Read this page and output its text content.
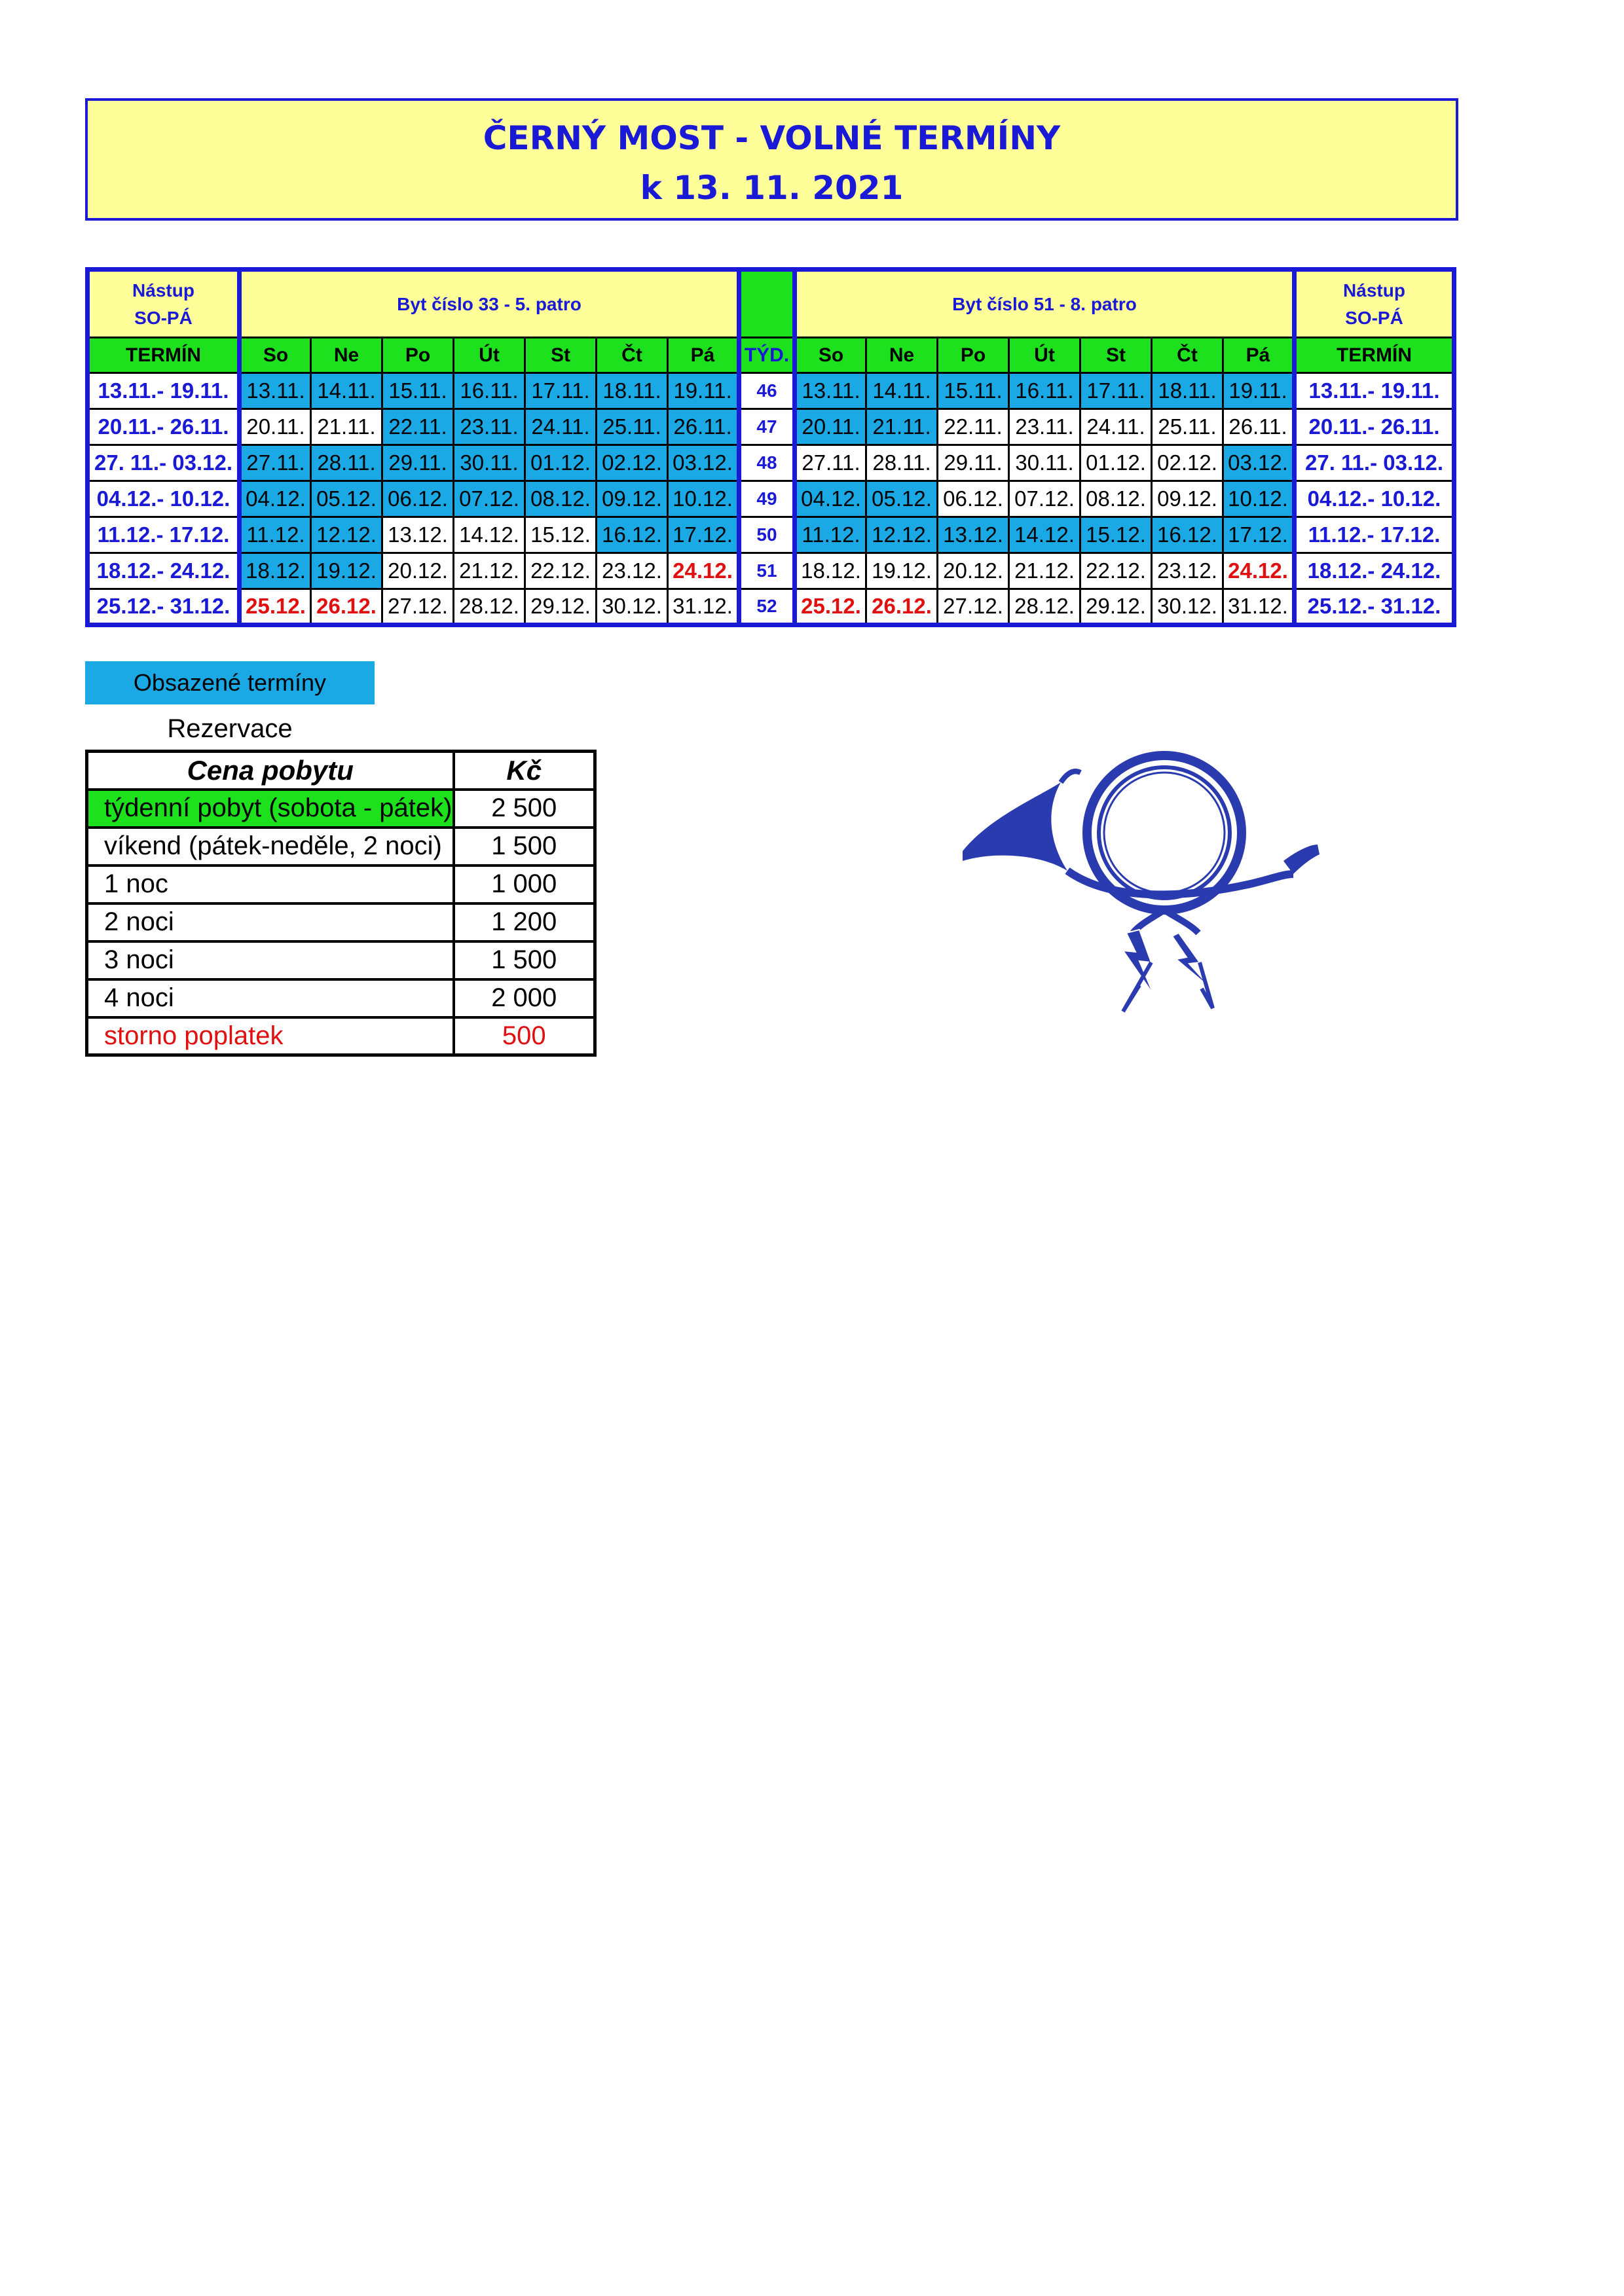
ČERNÝ MOST - VOLNÉ TERMÍNY
k 13. 11. 2021
Nástup
SO-PÁ	Byt číslo 33 - 5. patro								Byt číslo 51 - 8. patro							Nástup
SO-PÁ
TERMÍN	So	Ne	Po	Út	St	Čt	Pá	TÝD.	So	Ne	Po	Út	St	Čt	Pá	TERMÍN
13.11.- 19.11.	13.11.	14.11.	15.11.	16.11.	17.11.	18.11.	19.11.	46	13.11.	14.11.	15.11.	16.11.	17.11.	18.11.	19.11.	13.11.- 19.11.
20.11.- 26.11.	20.11.	21.11.	22.11.	23.11.	24.11.	25.11.	26.11.	47	20.11.	21.11.	22.11.	23.11.	24.11.	25.11.	26.11.	20.11.- 26.11.
27. 11.- 03.12.	27.11.	28.11.	29.11.	30.11.	01.12.	02.12.	03.12.	48	27.11.	28.11.	29.11.	30.11.	01.12.	02.12.	03.12.	27. 11.- 03.12.
04.12.- 10.12.	04.12.	05.12.	06.12.	07.12.	08.12.	09.12.	10.12.	49	04.12.	05.12.	06.12.	07.12.	08.12.	09.12.	10.12.	04.12.- 10.12.
11.12.- 17.12.	11.12.	12.12.	13.12.	14.12.	15.12.	16.12.	17.12.	50	11.12.	12.12.	13.12.	14.12.	15.12.	16.12.	17.12.	11.12.- 17.12.
18.12.- 24.12.	18.12.	19.12.	20.12.	21.12.	22.12.	23.12.	24.12.	51	18.12.	19.12.	20.12.	21.12.	22.12.	23.12.	24.12.	18.12.- 24.12.
25.12.- 31.12.	25.12.	26.12.	27.12.	28.12.	29.12.	30.12.	31.12.	52	25.12.	26.12.	27.12.	28.12.	29.12.	30.12.	31.12.	25.12.- 31.12.
Obsazené termíny
Rezervace
Cena pobytu	Kč
týdenní pobyt (sobota - pátek)	2 500
víkend (pátek-neděle, 2 noci)	1 500
1 noc	1 000
2 noci	1 200
3 noci	1 500
4 noci	2 000
storno poplatek	500
